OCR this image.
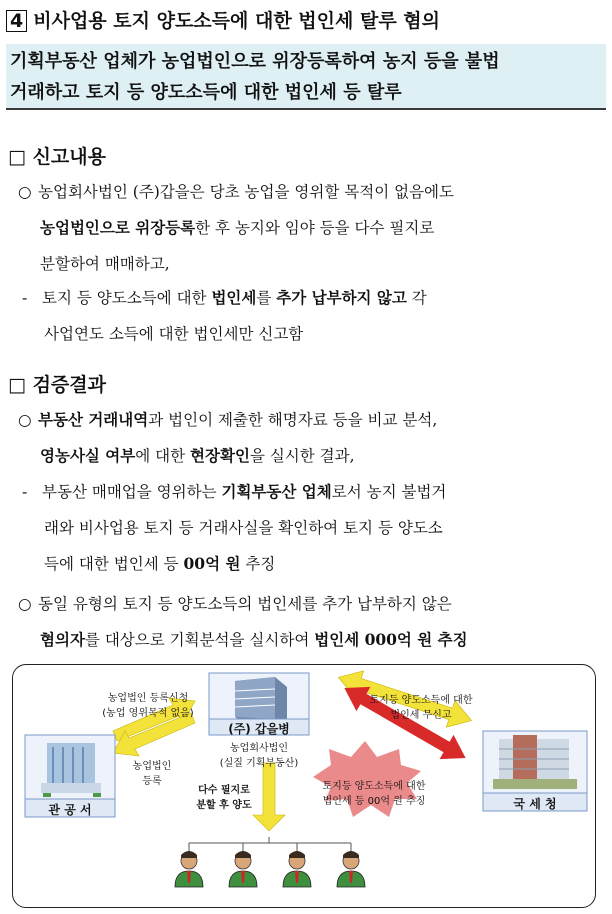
4 비사업용 토지 양도소득에 대한 법인세 탈루 혐의
기획부동산 업체가 농업법인으로 위장등록하여 농지 등을 불법
거래하고 토지 등 양도소득에 대한 법인세 등 탈루
□ 신고내용
○ 농업회사법인 (주)갑을은 당초 농업을 영위할 목적이 없음에도
농업법인으로 위장등록한 후 농지와 임야 등을 다수 필지로
분할하여 매매하고,
- 토지 등 양도소득에 대한 법인세를 추가 납부하지 않고 각
사업연도 소득에 대한 법인세만 신고함
□ 검증결과
○ 부동산 거래내역과 법인이 제출한 해명자료 등을 비교 분석,
영농사실 여부에 대한 현장확인을 실시한 결과,
- 부동산 매매업을 영위하는 기획부동산 업체로서 농지 불법거
래와 비사업용 토지 등 거래사실을 확인하여 토지 등 양도소
득에 대한 법인세 등 00억 원 추징
○ 동일 유형의 토지 등 양도소득의 법인세를 추가 납부하지 않은
혐의자를 대상으로 기획분석을 실시하여 법인세 000억 원 추징
농업법인 등록신청
(농업 영위목적 없음)
(주) 갑을병
농업회사법인
(실질 기획부동산)
농업법인
등록
관 공 서	국 세 청
토지등 양도소득에 대한
법인세 무신고
토지등 양도소득에 대한
법인세 등 00억 원 추징
다수 필지로
분할 후 양도
